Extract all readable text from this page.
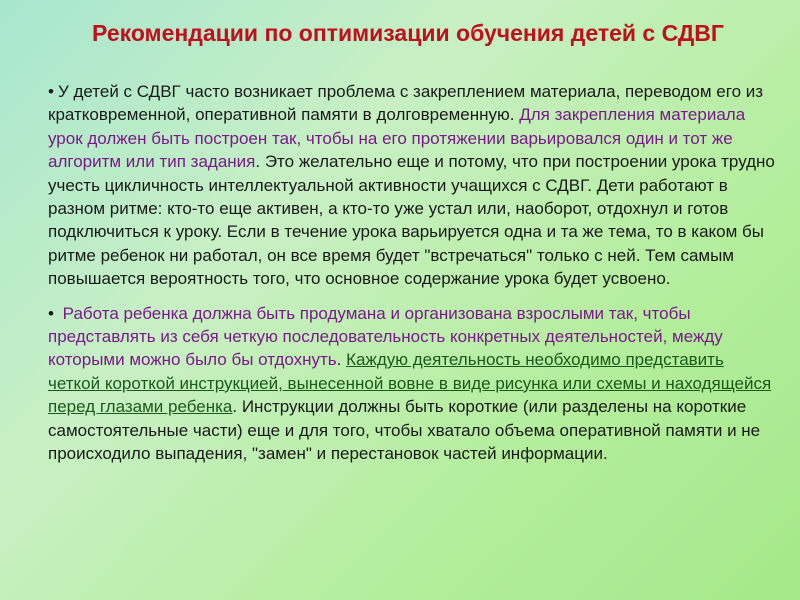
Рекомендации по оптимизации обучения детей с СДВГ

• У детей с СДВГ часто возникает проблема с закреплением материала, переводом его из кратковременной, оперативной памяти в долговременную. Для закрепления материала урок должен быть построен так, чтобы на его протяжении варьировался один и тот же алгоритм или тип задания. Это желательно еще и потому, что при построении урока трудно учесть цикличность интеллектуальной активности учащихся с СДВГ. Дети работают в разном ритме: кто-то еще активен, а кто-то уже устал или, наоборот, отдохнул и готов подключиться к уроку. Если в течение урока варьируется одна и та же тема, то в каком бы ритме ребенок ни работал, он все время будет "встречаться" только с ней. Тем самым повышается вероятность того, что основное содержание урока будет усвоено.

• Работа ребенка должна быть продумана и организована взрослыми так, чтобы представлять из себя четкую последовательность конкретных деятельностей, между которыми можно было бы отдохнуть. Каждую деятельность необходимо представить четкой короткой инструкцией, вынесенной вовне в виде рисунка или схемы и находящейся перед глазами ребенка. Инструкции должны быть короткие (или разделены на короткие самостоятельные части) еще и для того, чтобы хватало объема оперативной памяти и не происходило выпадения, "замен" и перестановок частей информации.
